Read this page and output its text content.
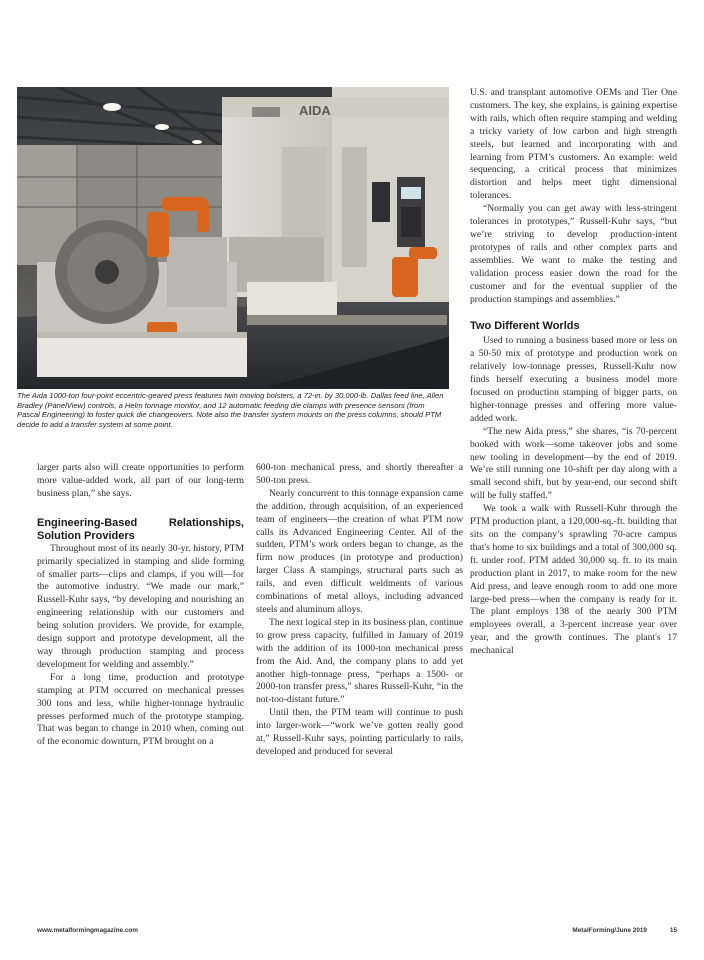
AIDA

The Aida 1000-ton four-point eccentric-geared press features twin moving bolsters, a 72-in. by 30,000-lb. Dallas feed line, Allen Bradley (PanelView) controls, a Helm tonnage monitor, and 12 automatic feeding die clamps with presence sensors (from Pascal Engineering) to foster quick die changeovers. Note also the transfer system mounts on the press columns, should PTM decide to add a transfer system at some point.

larger parts also will create opportunities to perform more value-added work, all part of our long-term business plan,” she says.

Engineering-Based Relationships, Solution Providers

Throughout most of its nearly 30-yr. history, PTM primarily specialized in stamping and slide forming of smaller parts—clips and clamps, if you will—for the automotive industry. “We made our mark,” Russell-Kuhr says, “by developing and nourishing an engineering relationship with our customers and being solution providers. We provide, for example, design support and prototype development, all the way through production stamping and process development for welding and assembly.”

For a long time, production and prototype stamping at PTM occurred on mechanical presses 300 tons and less, while higher-tonnage hydraulic presses performed much of the prototype stamping. That was began to change in 2010 when, coming out of the economic downturn, PTM brought on a

600-ton mechanical press, and shortly thereafter a 500-ton press.

Nearly concurrent to this tonnage expansion came the addition, through acquisition, of an experienced team of engineers—the creation of what PTM now calls its Advanced Engineering Center. All of the sudden, PTM’s work orders began to change, as the firm now produces (in prototype and production) larger Class A stampings, structural parts such as rails, and even difficult weldments of various combinations of metal alloys, including advanced steels and aluminum alloys.

The next logical step in its business plan, continue to grow press capacity, fulfilled in January of 2019 with the addition of its 1000-ton mechanical press from the Aid. And, the company plans to add yet another high-tonnage press, “perhaps a 1500- or 2000-ton transfer press,” shares Russell-Kuhr, “in the not-too-distant future.”

Until then, the PTM team will continue to push into larger-work—“work we’ve gotten really good at,” Russell-Kuhr says, pointing particularly to rails, developed and produced for several

U.S. and transplant automotive OEMs and Tier One customers. The key, she explains, is gaining expertise with rails, which often require stamping and welding a tricky variety of low carbon and high strength steels, but learned and incorporating with and learning from PTM’s customers. An example: weld sequencing, a critical process that minimizes distortion and helps meet tight dimensional tolerances.

“Normally you can get away with less-stringent tolerances in prototypes,” Russell-Kuhr says, “but we’re striving to develop production-intent prototypes of rails and other complex parts and assemblies. We want to make the testing and validation process easier down the road for the customer and for the eventual supplier of the production stampings and assemblies.”

Two Different Worlds

Used to running a business based more or less on a 50-50 mix of prototype and production work on relatively low-tonnage presses, Russell-Kuhr now finds herself executing a business model more focused on production stamping of bigger parts, on higher-tonnage presses and offering more value-added work.

“The new Aida press,” she shares, “is 70-percent booked with work—some takeover jobs and some new tooling in development—by the end of 2019. We’re still running one 10-shift per day along with a small second shift, but by year-end, our second shift will be fully staffed.”

We took a walk with Russell-Kuhr through the PTM production plant, a 120,000-sq.-ft. building that sits on the company’s sprawling 70-acre campus that's home to six buildings and a total of 300,000 sq. ft. under roof. PTM added 30,000 sq. ft. to its main production plant in 2017, to make room for the new Aid press, and leave enough room to add one more large-bed press—when the company is ready for it. The plant employs 138 of the nearly 300 PTM employees overall, a 3-percent increase year over year, and the growth continues. The plant's 17 mechanical

www.metalformingmagazine.com	MetalForming/June 2019	15
